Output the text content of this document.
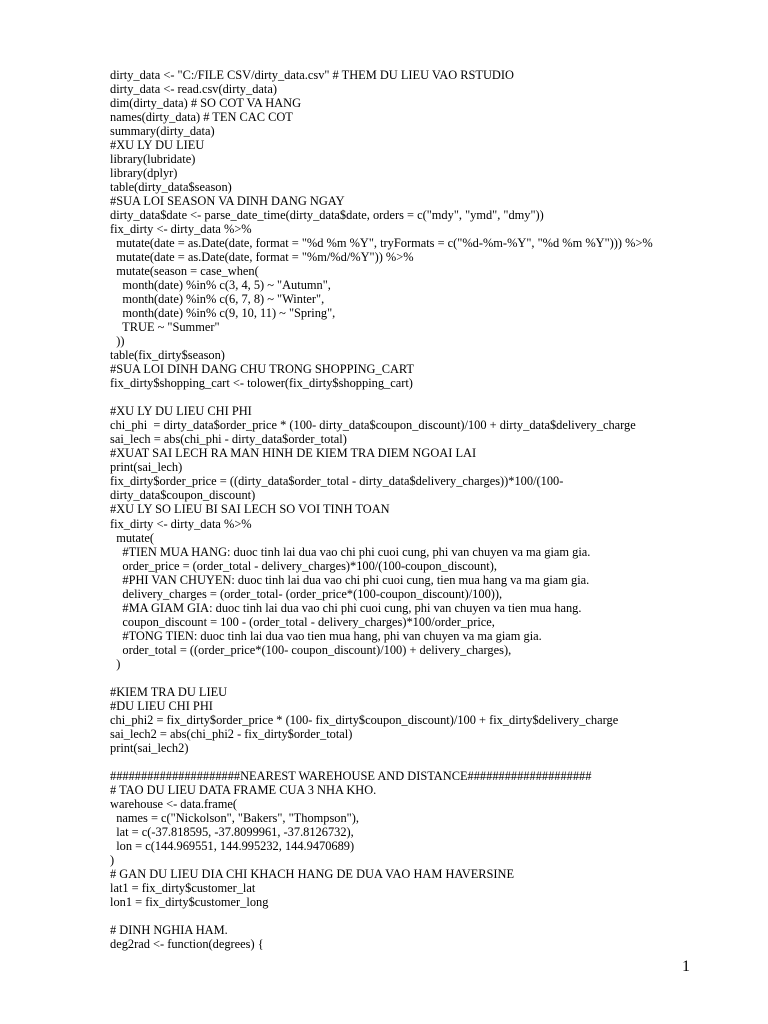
dirty_data <- "C:/FILE CSV/dirty_data.csv" # THEM DU LIEU VAO RSTUDIO
dirty_data <- read.csv(dirty_data)
dim(dirty_data) # SO COT VA HANG
names(dirty_data) # TEN CAC COT
summary(dirty_data)
#XU LY DU LIEU
library(lubridate)
library(dplyr)
table(dirty_data$season)
#SUA LOI SEASON VA DINH DANG NGAY
dirty_data$date <- parse_date_time(dirty_data$date, orders = c("mdy", "ymd", "dmy"))
fix_dirty <- dirty_data %>%
mutate(date = as.Date(date, format = "%d %m %Y", tryFormats = c("%d-%m-%Y", "%d %m %Y"))) %>%
mutate(date = as.Date(date, format = "%m/%d/%Y")) %>%
mutate(season = case_when(
month(date) %in% c(3, 4, 5) ~ "Autumn",
month(date) %in% c(6, 7, 8) ~ "Winter",
month(date) %in% c(9, 10, 11) ~ "Spring",
TRUE ~ "Summer"
))
table(fix_dirty$season)
#SUA LOI DINH DANG CHU TRONG SHOPPING_CART
fix_dirty$shopping_cart <- tolower(fix_dirty$shopping_cart)
#XU LY DU LIEU CHI PHI
chi_phi  = dirty_data$order_price * (100- dirty_data$coupon_discount)/100 + dirty_data$delivery_charge
sai_lech = abs(chi_phi - dirty_data$order_total)
#XUAT SAI LECH RA MAN HINH DE KIEM TRA DIEM NGOAI LAI
print(sai_lech)
fix_dirty$order_price = ((dirty_data$order_total - dirty_data$delivery_charges))*100/(100-
dirty_data$coupon_discount)
#XU LY SO LIEU BI SAI LECH SO VOI TINH TOAN
fix_dirty <- dirty_data %>%
mutate(
#TIEN MUA HANG: duoc tinh lai dua vao chi phi cuoi cung, phi van chuyen va ma giam gia.
order_price = (order_total - delivery_charges)*100/(100-coupon_discount),
#PHI VAN CHUYEN: duoc tinh lai dua vao chi phi cuoi cung, tien mua hang va ma giam gia.
delivery_charges = (order_total- (order_price*(100-coupon_discount)/100)),
#MA GIAM GIA: duoc tinh lai dua vao chi phi cuoi cung, phi van chuyen va tien mua hang.
coupon_discount = 100 - (order_total - delivery_charges)*100/order_price,
#TONG TIEN: duoc tinh lai dua vao tien mua hang, phi van chuyen va ma giam gia.
order_total = ((order_price*(100- coupon_discount)/100) + delivery_charges),
)
#KIEM TRA DU LIEU
#DU LIEU CHI PHI
chi_phi2 = fix_dirty$order_price * (100- fix_dirty$coupon_discount)/100 + fix_dirty$delivery_charge
sai_lech2 = abs(chi_phi2 - fix_dirty$order_total)
print(sai_lech2)
#####################NEAREST WAREHOUSE AND DISTANCE####################
# TAO DU LIEU DATA FRAME CUA 3 NHA KHO.
warehouse <- data.frame(
names = c("Nickolson", "Bakers", "Thompson"),
lat = c(-37.818595, -37.8099961, -37.8126732),
lon = c(144.969551, 144.995232, 144.9470689)
)
# GAN DU LIEU DIA CHI KHACH HANG DE DUA VAO HAM HAVERSINE
lat1 = fix_dirty$customer_lat
lon1 = fix_dirty$customer_long
# DINH NGHIA HAM.
deg2rad <- function(degrees) {
1
